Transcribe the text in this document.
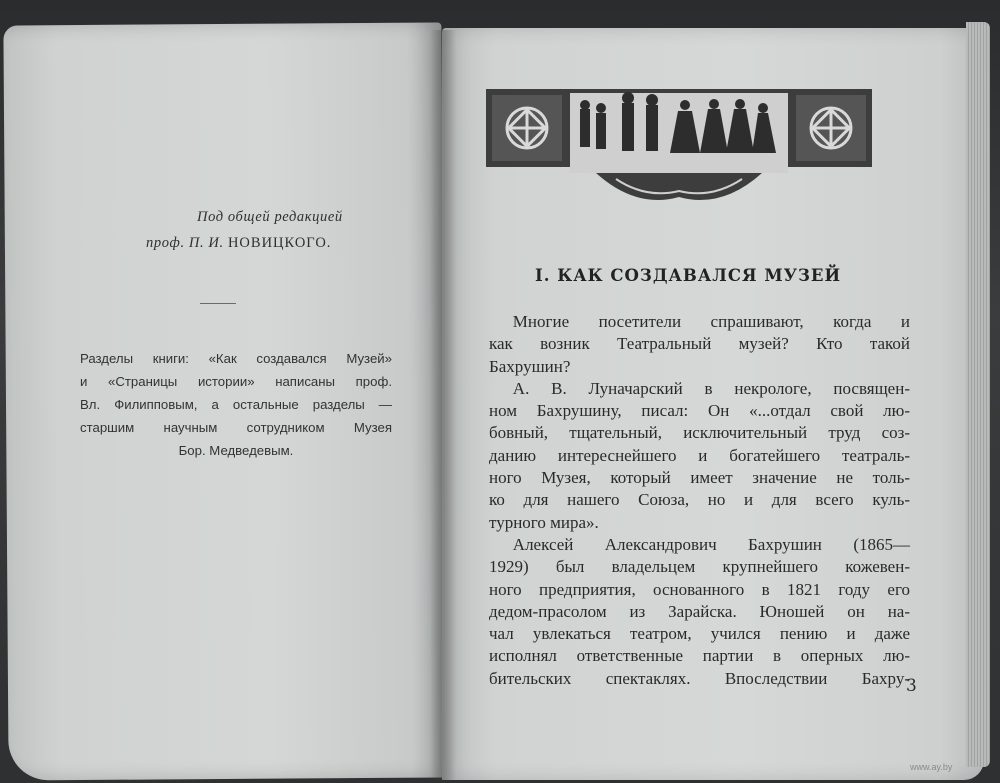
Под общей редакцией
проф. П. И. НОВИЦКОГО.
Разделы книги: «Как создавался Музей»
и «Страницы истории» написаны проф.
Вл. Филипповым, а остальные разделы —
старшим научным сотрудником Музея
Бор. Медведевым.
I. КАК СОЗДАВАЛСЯ МУЗЕЙ
Многие посетители спрашивают, когда и
как возник Театральный музей? Кто такой
Бахрушин?
А. В. Луначарский в некрологе, посвящен-
ном Бахрушину, писал: Он «...отдал свой лю-
бовный, тщательный, исключительный труд соз-
данию интереснейшего и богатейшего театраль-
ного Музея, который имеет значение не толь-
ко для нашего Союза, но и для всего куль-
турного мира».
Алексей Александрович Бахрушин (1865—
1929) был владельцем крупнейшего кожевен-
ного предприятия, основанного в 1821 году его
дедом-прасолом из Зарайска. Юношей он на-
чал увлекаться театром, учился пению и даже
исполнял ответственные партии в оперных лю-
бительских спектаклях. Впоследствии Бахру-
3
www.ay.by
